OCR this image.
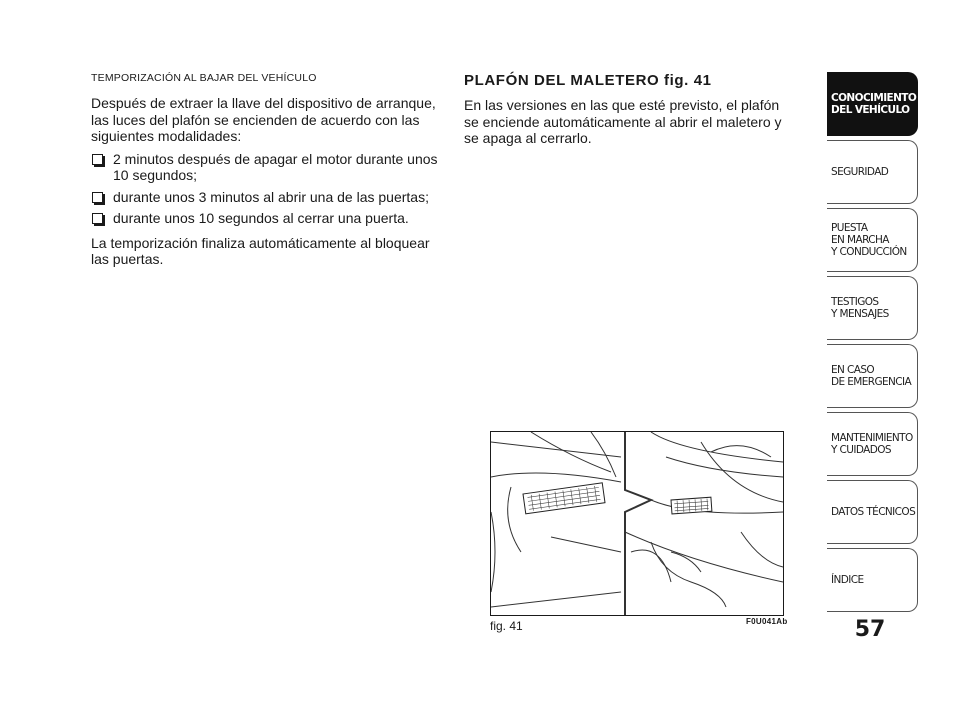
TEMPORIZACIÓN AL BAJAR DEL VEHÍCULO

Después de extraer la llave del dispositivo de arranque, las luces del plafón se encienden de acuerdo con las siguientes modalidades:

2 minutos después de apagar el motor durante unos 10 segundos;
durante unos 3 minutos al abrir una de las puertas;
durante unos 10 segundos al cerrar una puerta.

La temporización finaliza automáticamente al bloquear las puertas.

PLAFÓN DEL MALETERO fig. 41

En las versiones en las que esté previsto, el plafón se enciende automáticamente al abrir el maletero y se apaga al cerrarlo.

fig. 41	F0U041Ab
CONOCIMIENTO
DEL VEHÍCULO
SEGURIDAD
PUESTA
EN MARCHA
Y CONDUCCIÓN
TESTIGOS
Y MENSAJES
EN CASO
DE EMERGENCIA
MANTENIMIENTO
Y CUIDADOS
DATOS TÉCNICOS
ÍNDICE
57
